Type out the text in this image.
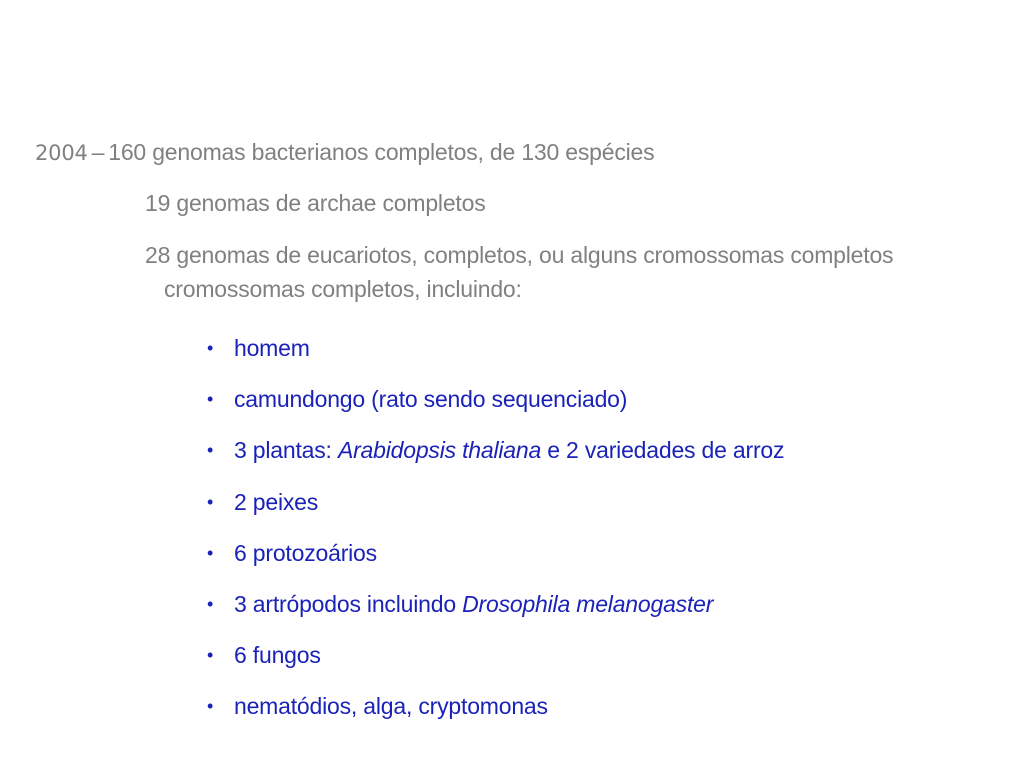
2004 – 160 genomas bacterianos completos, de 130 espécies
19 genomas de archae completos
28 genomas de eucariotos, completos, ou alguns cromossomas completos
cromossomas completos, incluindo:
• homem
• camundongo (rato sendo sequenciado)
• 3 plantas: Arabidopsis thaliana e 2 variedades de arroz
• 2 peixes
• 6 protozoários
• 3 artrópodos incluindo Drosophila melanogaster
• 6 fungos
• nematódios, alga, cryptomonas
